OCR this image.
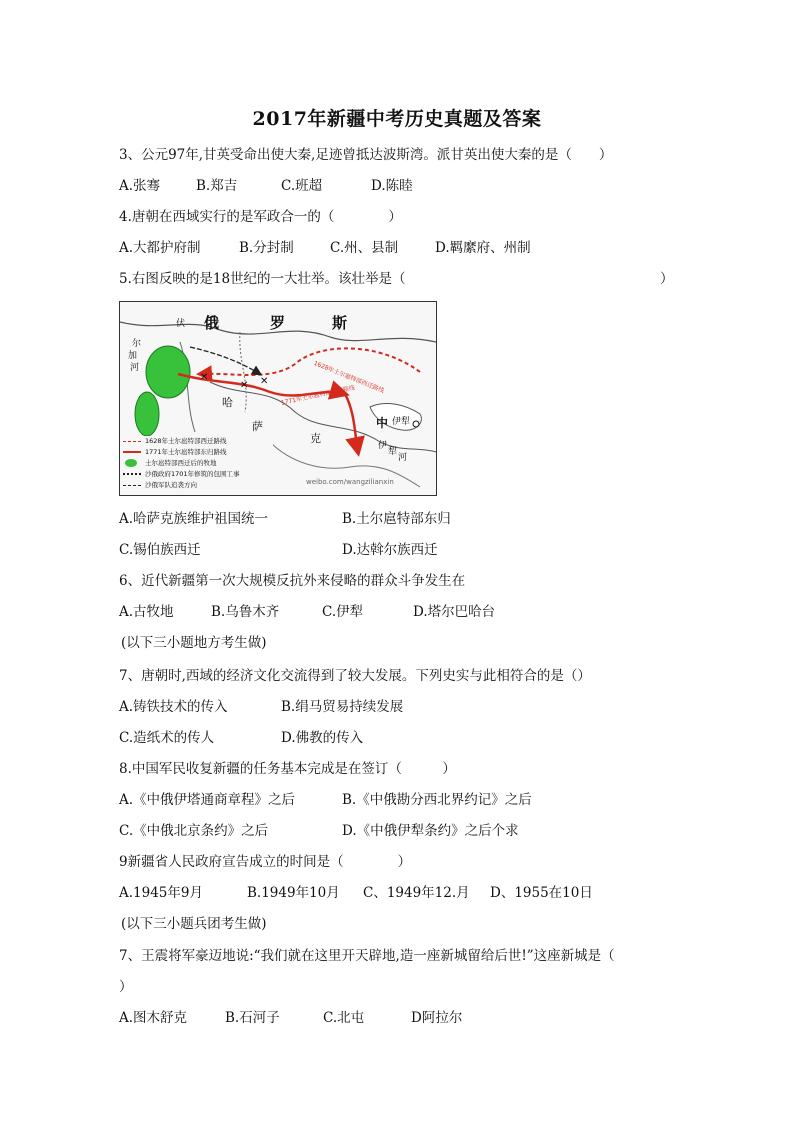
2017年新疆中考历史真题及答案
3、公元97年,甘英受命出使大秦,足迹曾抵达波斯湾。派甘英出使大秦的是（　　）
A.张骞	B.郑吉	C.班超	D.陈睦
4.唐朝在西域实行的是军政合一的（　　　　）
A.大都护府制	B.分封制	C.州、县制	D.羁縻府、州制
5.右图反映的是18世纪的一大壮举。该壮举是（	）
✕
✕ ✕
俄	罗	斯
伏
尔
加
河
哈
萨
克
中 伊犁
伊
犁
河
1628年土尔扈特部西迁路线
1771年土尔扈特部东归路线
weibo.com/wangzilianxin
1628年土尔扈特部西迁路线
1771年土尔扈特部东归路线
土尔扈特部西迁后的牧地
沙俄政府1701年修筑的包围工事
沙俄军队追袭方向
A.哈萨克族维护祖国统一	B.土尔扈特部东归
C.锡伯族西迁	D.达斡尔族西迁
6、近代新疆第一次大规模反抗外来侵略的群众斗争发生在
A.古牧地	B.乌鲁木齐	C.伊犁	D.塔尔巴哈台
(以下三小题地方考生做)
7、唐朝时,西域的经济文化交流得到了较大发展。下列史实与此相符合的是（）
A.铸铁技术的传入	B.绢马贸易持续发展
C.造纸术的传人	D.佛教的传入
8.中国军民收复新疆的任务基本完成是在签订（　　　）
A.《中俄伊塔通商章程》之后	B.《中俄勘分西北界约记》之后
C.《中俄北京条约》之后	D.《中俄伊犁条约》之后个求
9新疆省人民政府宣告成立的时间是（　　　　）
A.1945年9月	B.1949年10月 C、1949年12.月 D、1955在10日
(以下三小题兵团考生做)
7、王震将军豪迈地说:“我们就在这里开天辟地,造一座新城留给后世!”这座新城是（
）
A.图木舒克	B.石河子	C.北屯	D阿拉尔
